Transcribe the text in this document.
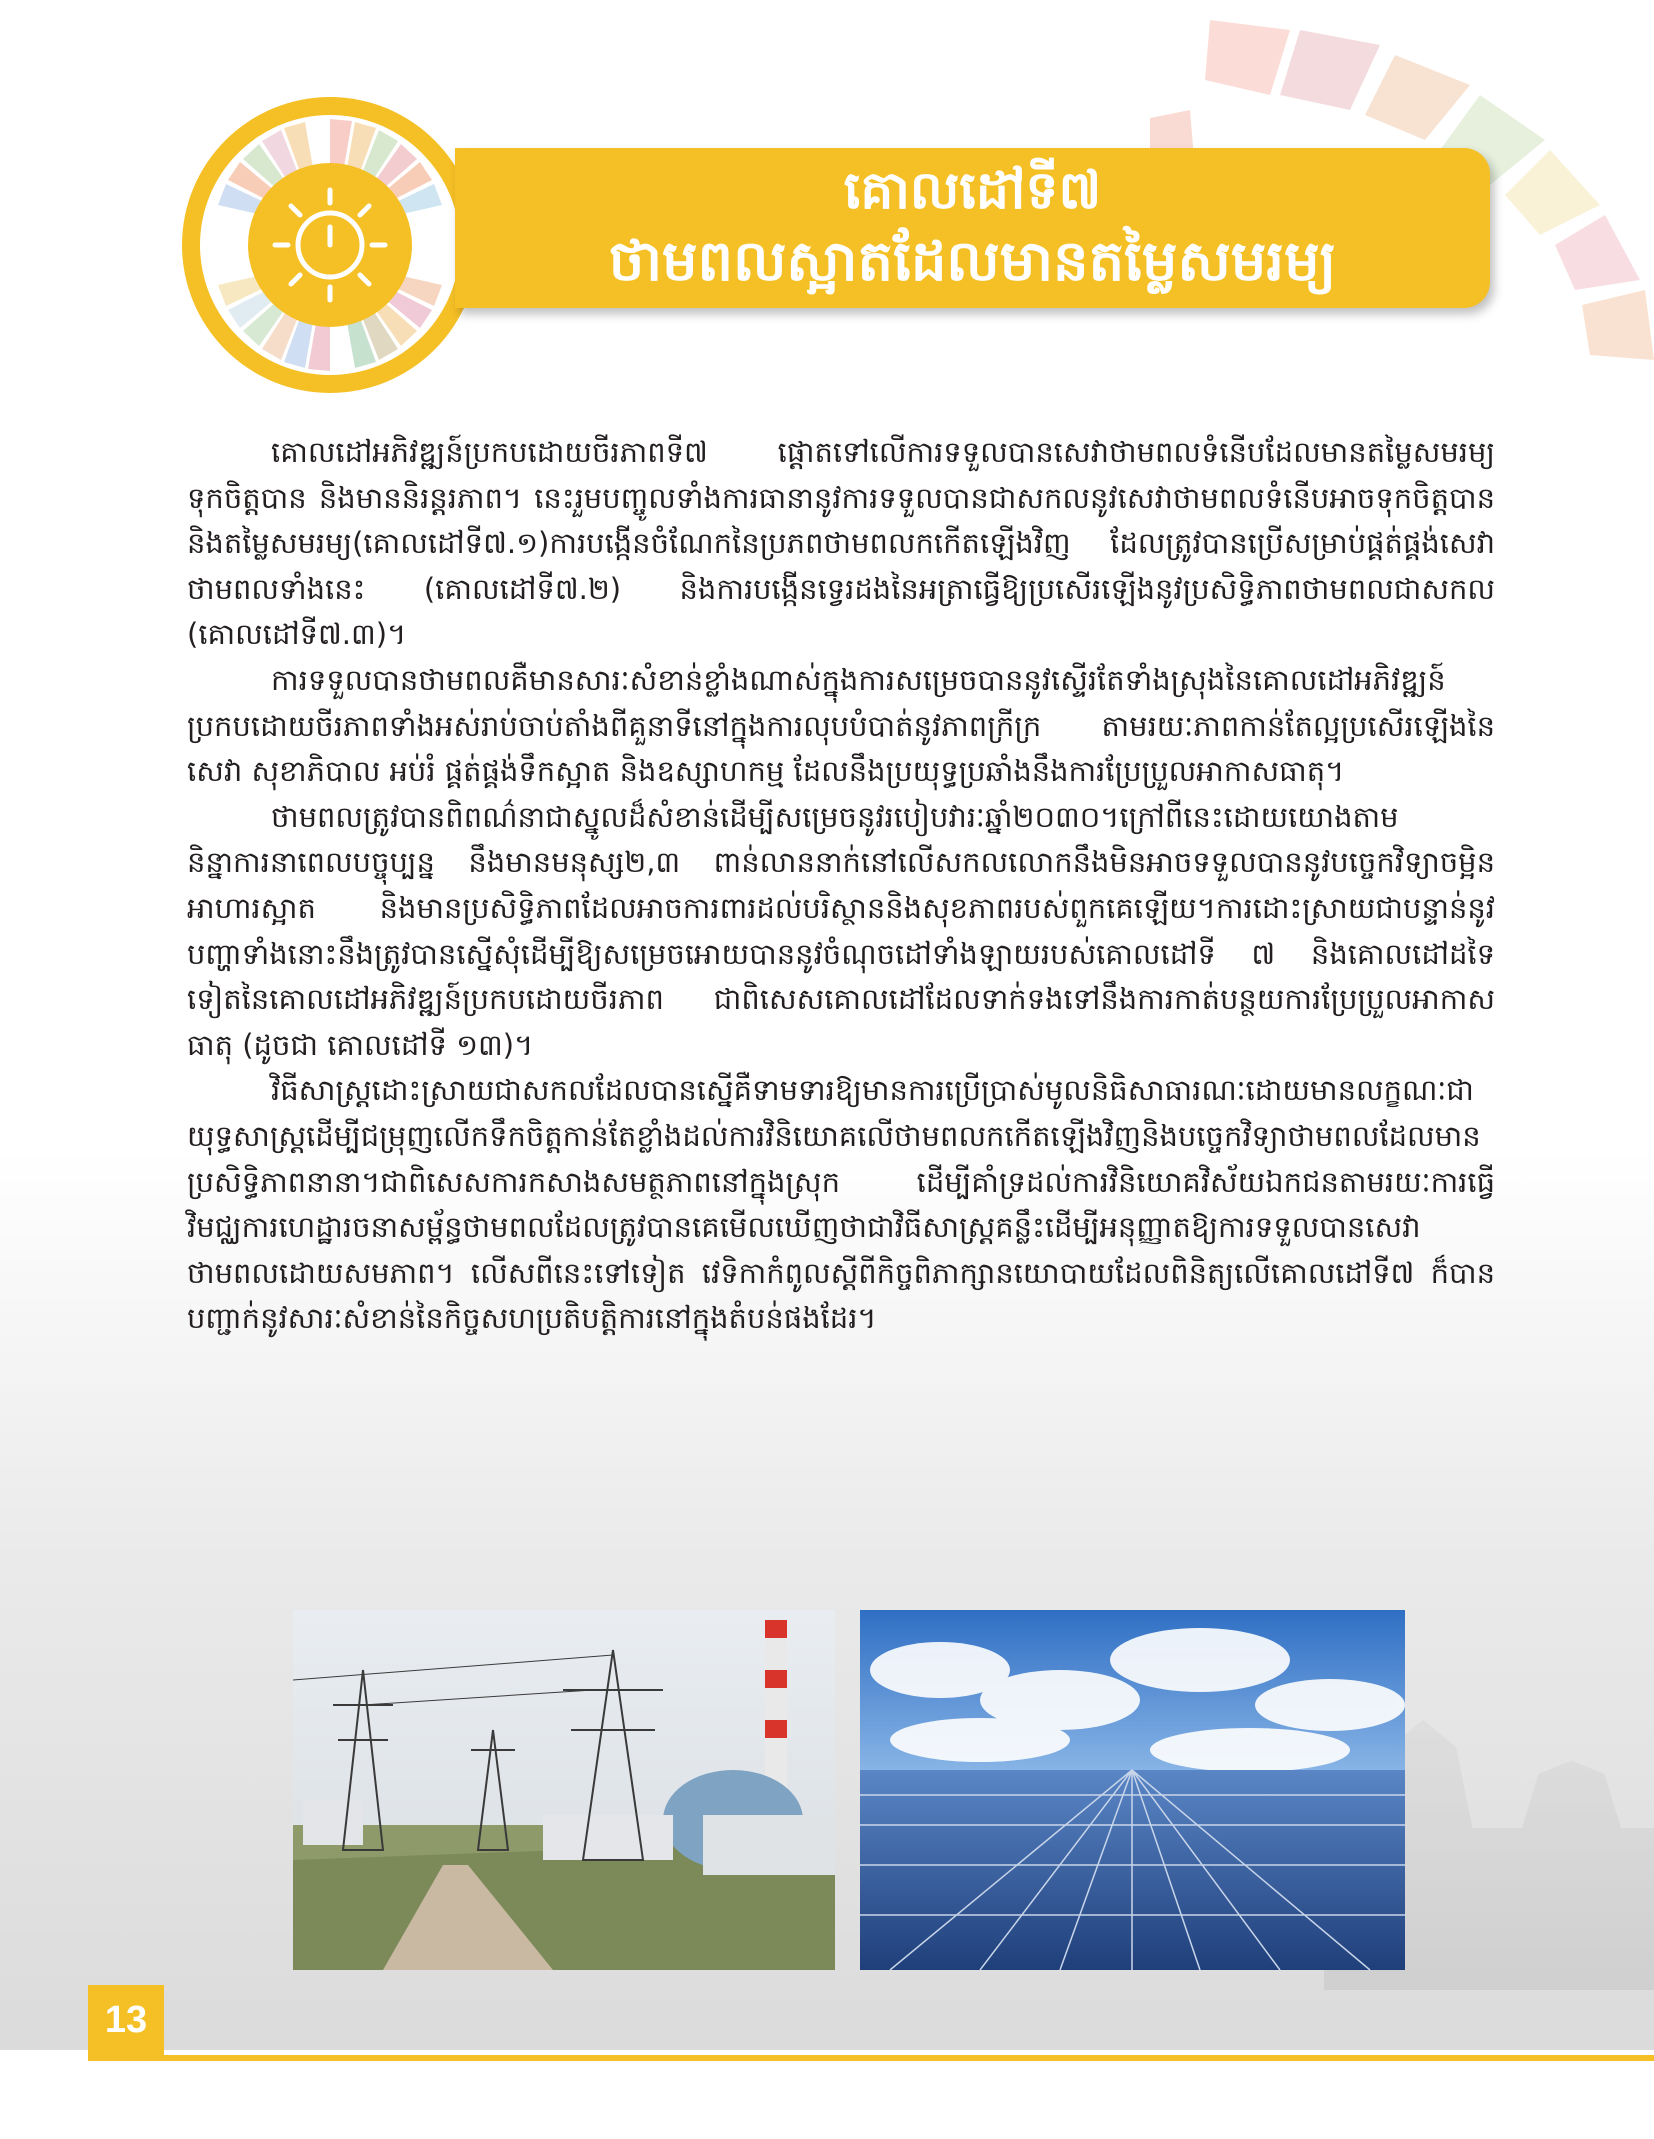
គោលដៅទី៧
ថាមពលស្អាតដែលមានតម្លៃសមរម្យ

គោលដៅអភិវឌ្ឍន៍ប្រកបដោយចីរភាពទី៧ ផ្តោតទៅលើការទទួលបានសេវាថាមពលទំនើបដែលមានតម្លៃសមរម្យ ទុកចិត្តបាន និងមាននិរន្តរភាព។ នេះរួមបញ្ចូលទាំងការធានានូវការទទួលបានជាសកលនូវសេវាថាមពលទំនើបអាចទុកចិត្តបាននិងតម្លៃសមរម្យ(គោលដៅទី៧.១)ការបង្កើនចំណែកនៃប្រភពថាមពលកកើតឡើងវិញ ដែលត្រូវបានប្រើសម្រាប់ផ្គត់ផ្គង់សេវាថាមពលទាំងនេះ (គោលដៅទី៧.២) និងការបង្កើនទ្វេរដងនៃអត្រាធ្វើឱ្យប្រសើរឡើងនូវប្រសិទ្ធិភាពថាមពលជាសកល (គោលដៅទី៧.៣)។

ការទទួលបានថាមពលគឺមានសារៈសំខាន់ខ្លាំងណាស់ក្នុងការសម្រេចបាននូវស្ទើរតែទាំងស្រុងនៃគោលដៅអភិវឌ្ឍន៍ប្រកបដោយចីរភាពទាំងអស់រាប់ចាប់តាំងពីគួនាទីនៅក្នុងការលុបបំបាត់នូវភាពក្រីក្រ តាមរយៈភាពកាន់តែល្អប្រសើរឡើងនៃសេវា សុខាភិបាល អប់រំ ផ្គត់ផ្គង់ទឹកស្អាត និងឧស្សាហកម្ម ដែលនឹងប្រយុទ្ធប្រឆាំងនឹងការប្រែប្រួលអាកាសធាតុ។

ថាមពលត្រូវបានពិពណ៌នាជាស្នូលដ៏សំខាន់ដើម្បីសម្រេចនូវរបៀបវារៈឆ្នាំ២០៣០។ក្រៅពីនេះដោយយោងតាមនិន្នាការនាពេលបច្ចុប្បន្ន នឹងមានមនុស្ស២,៣ ពាន់លាននាក់នៅលើសកលលោកនឹងមិនអាចទទួលបាននូវបច្ចេកវិទ្យាចម្អិនអាហារស្អាត និងមានប្រសិទ្ធិភាពដែលអាចការពារដល់បរិស្ថាននិងសុខភាពរបស់ពួកគេឡើយ។ការដោះស្រាយជាបន្ទាន់នូវបញ្ហាទាំងនោះនឹងត្រូវបានស្នើសុំដើម្បីឱ្យសម្រេចអោយបាននូវចំណុចដៅទាំងឡាយរបស់គោលដៅទី ៧ និងគោលដៅដទៃទៀតនៃគោលដៅអភិវឌ្ឍន៍ប្រកបដោយចីរភាព ជាពិសេសគោលដៅដែលទាក់ទងទៅនឹងការកាត់បន្ថយការប្រែប្រួលអាកាសធាតុ (ដូចជា គោលដៅទី ១៣)។

វិធីសាស្ត្រដោះស្រាយជាសកលដែលបានស្នើគឺទាមទារឱ្យមានការប្រើប្រាស់មូលនិធិសាធារណៈដោយមានលក្ខណៈជាយុទ្ធសាស្ត្រដើម្បីជម្រុញលើកទឹកចិត្តកាន់តែខ្លាំងដល់ការវិនិយោគលើថាមពលកកើតឡើងវិញនិងបច្ចេកវិទ្យាថាមពលដែលមានប្រសិទ្ធិភាពនានា។ជាពិសេសការកសាងសមត្ថភាពនៅក្នុងស្រុក ដើម្បីគាំទ្រដល់ការវិនិយោគវិស័យឯកជនតាមរយៈការធ្វើវិមជ្ឈការហេដ្ឋារចនាសម្ព័ន្ធថាមពលដែលត្រូវបានគេមើលឃើញថាជាវិធីសាស្ត្រគន្លឹះដើម្បីអនុញ្ញាតឱ្យការទទួលបានសេវាថាមពលដោយសមភាព។ លើសពីនេះទៅទៀត វេទិកាកំពូលស្តីពីកិច្ចពិភាក្សានយោបាយដែលពិនិត្យលើគោលដៅទី៧ ក៏បានបញ្ជាក់នូវសារៈសំខាន់នៃកិច្ចសហប្រតិបត្តិការនៅក្នុងតំបន់ផងដែរ។

13
